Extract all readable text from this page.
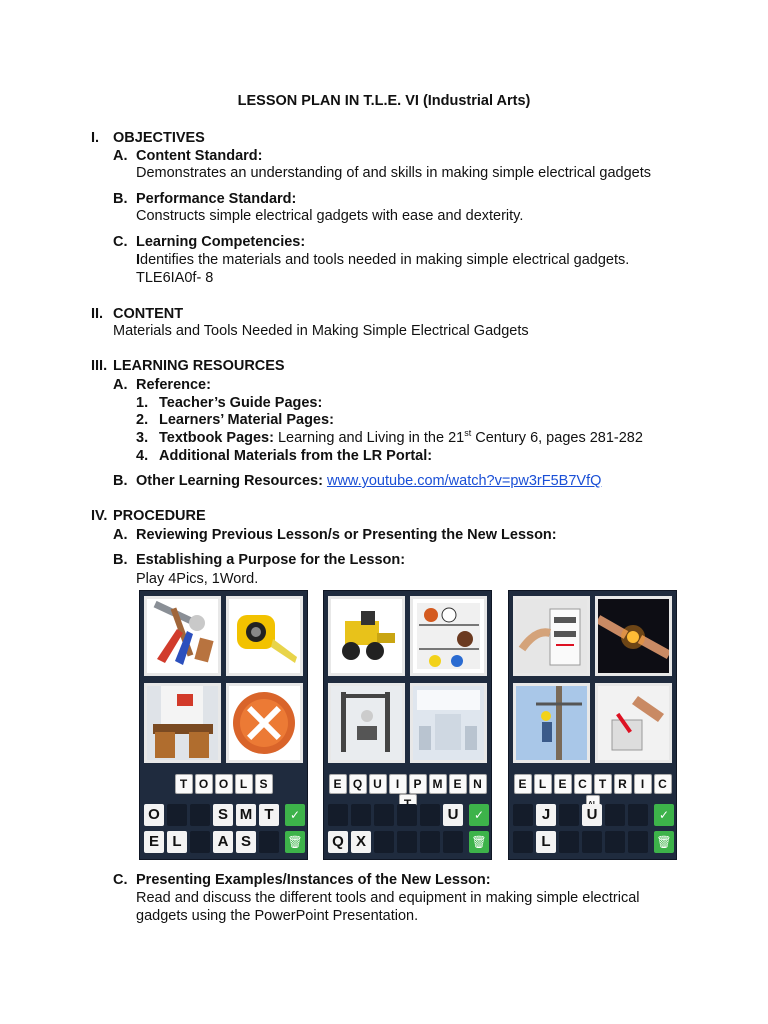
LESSON PLAN IN T.L.E. VI (Industrial Arts)
I. OBJECTIVES
A. Content Standard:
Demonstrates an understanding of and skills in making simple electrical gadgets
B. Performance Standard:
Constructs simple electrical gadgets with ease and dexterity.
C. Learning Competencies:
Identifies the materials and tools needed in making simple electrical gadgets.
TLE6IA0f- 8
II. CONTENT
Materials and Tools Needed in Making Simple Electrical Gadgets
III. LEARNING RESOURCES
A. Reference:
1. Teacher’s Guide Pages:
2. Learners’ Material Pages:
3. Textbook Pages: Learning and Living in the 21st Century 6, pages 281-282
4. Additional Materials from the LR Portal:
B. Other Learning Resources: www.youtube.com/watch?v=pw3rF5B7VfQ
IV. PROCEDURE
A. Reviewing Previous Lesson/s or Presenting the New Lesson:
B. Establishing a Purpose for the Lesson:
Play 4Pics, 1Word.
T O O L S
O	S M T
E L A S
✓
🗑
E Q U I P M E N
U
Q X
✓
🗑
E L E C T R I C
J U
L
✓
🗑
C. Presenting Examples/Instances of the New Lesson:
Read and discuss the different tools and equipment in making simple electrical
gadgets using the PowerPoint Presentation.
